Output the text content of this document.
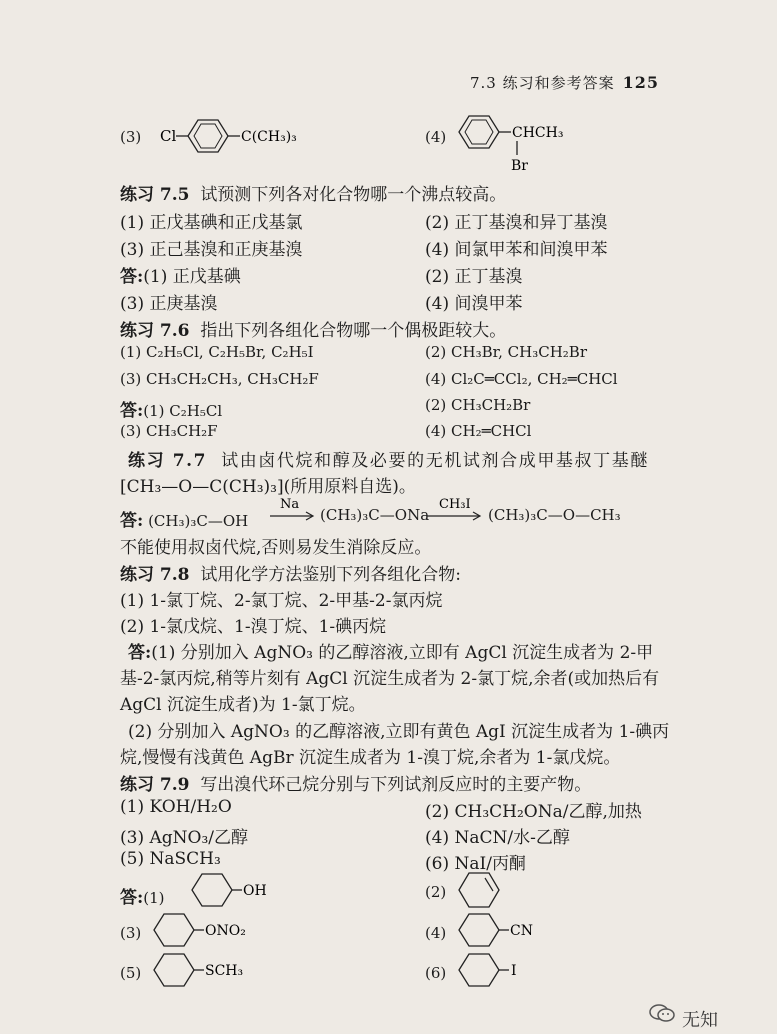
7.3 练习和参考答案 125
(3) Cl	C(CH₃)₃	(4)	CHCH₃
Br
练习 7.5 试预测下列各对化合物哪一个沸点较高。
(1) 正戊基碘和正戊基氯	(2) 正丁基溴和异丁基溴
(3) 正己基溴和正庚基溴	(4) 间氯甲苯和间溴甲苯
答:(1) 正戊基碘	(2) 正丁基溴
(3) 正庚基溴	(4) 间溴甲苯
练习 7.6 指出下列各组化合物哪一个偶极距较大。
(1) C₂H₅Cl, C₂H₅Br, C₂H₅I	(2) CH₃Br, CH₃CH₂Br
(3) CH₃CH₂CH₃, CH₃CH₂F	(4) Cl₂C═CCl₂, CH₂═CHCl
答:(1) C₂H₅Cl	(2) CH₃CH₂Br
(3) CH₃CH₂F	(4) CH₂═CHCl
练习 7.7 试由卤代烷和醇及必要的无机试剂合成甲基叔丁基醚
[CH₃—O—C(CH₃)₃](所用原料自选)。
答: (CH₃)₃C—OH
Na
(CH₃)₃C—ONa
CH₃I
(CH₃)₃C—O—CH₃
不能使用叔卤代烷,否则易发生消除反应。
练习 7.8 试用化学方法鉴别下列各组化合物:
(1) 1-氯丁烷、2-氯丁烷、2-甲基-2-氯丙烷
(2) 1-氯戊烷、1-溴丁烷、1-碘丙烷
答:(1) 分别加入 AgNO₃ 的乙醇溶液,立即有 AgCl 沉淀生成者为 2-甲
基-2-氯丙烷,稍等片刻有 AgCl 沉淀生成者为 2-氯丁烷,余者(或加热后有
AgCl 沉淀生成者)为 1-氯丁烷。
(2) 分别加入 AgNO₃ 的乙醇溶液,立即有黄色 AgI 沉淀生成者为 1-碘丙
烷,慢慢有浅黄色 AgBr 沉淀生成者为 1-溴丁烷,余者为 1-氯戊烷。
练习 7.9 写出溴代环己烷分别与下列试剂反应时的主要产物。
(1) KOH/H₂O	(2) CH₃CH₂ONa/乙醇,加热
(3) AgNO₃/乙醇	(4) NaCN/水-乙醇
(5) NaSCH₃	(6) NaI/丙酮
答:(1)	OH	(2)
(3)	ONO₂	(4)	CN
(5)	SCH₃	(6)	I
无知
